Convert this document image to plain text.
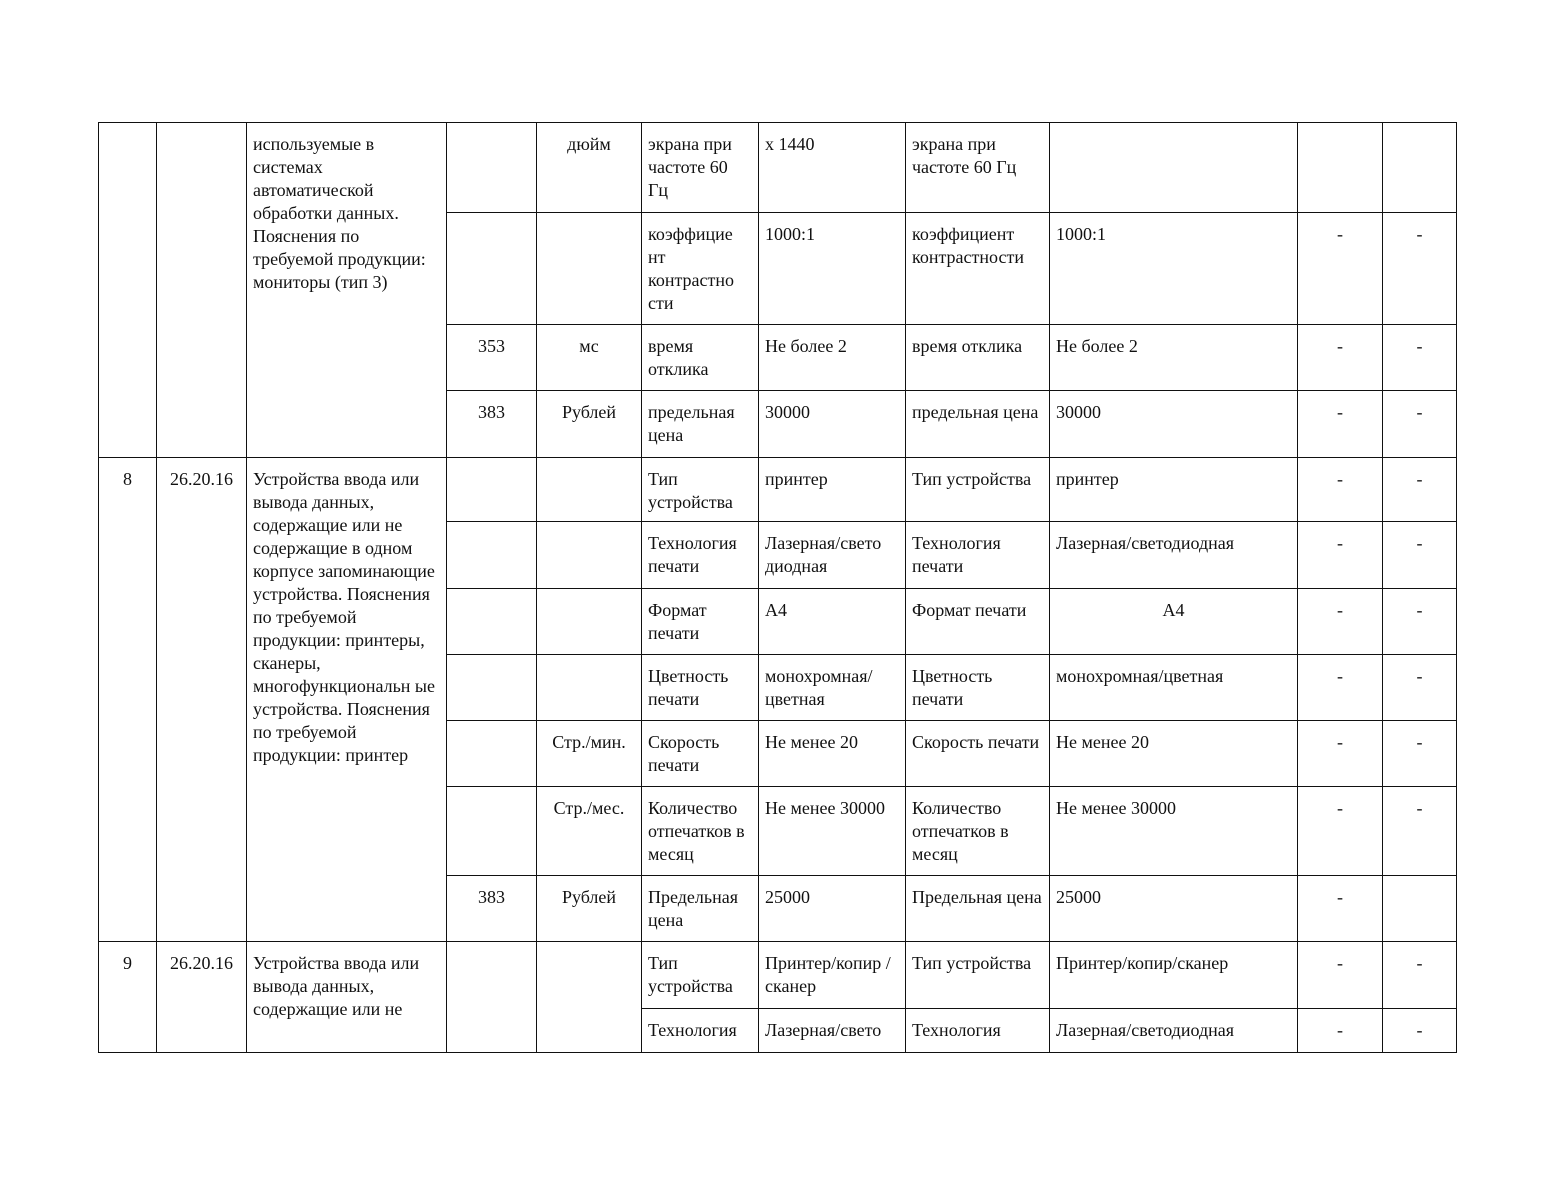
		используемые в системах автоматической обработки данных. Пояснения по требуемой продукции: мониторы (тип 3)		дюйм	экрана при частоте 60 Гц	x 1440	экрана при частоте 60 Гц			
					коэффицие нт контрастно сти	1000:1	коэффициент контрастности	1000:1	-	-
			353	мс	время отклика	Не более 2	время отклика	Не более 2	-	-
			383	Рублей	предельная цена	30000	предельная цена	30000	-	-
8	26.20.16	Устройства ввода или вывода данных, содержащие или не содержащие в одном корпусе запоминающие устройства. Пояснения по требуемой продукции: принтеры, сканеры, многофункциональн ые устройства. Пояснения по требуемой продукции: принтер			Тип устройства	принтер	Тип устройства	принтер	-	-
					Технология печати	Лазерная/свето диодная	Технология печати	Лазерная/светодиодная	-	-
					Формат печати	А4	Формат печати	А4	-	-
					Цветность печати	монохромная/ цветная	Цветность печати	монохромная/цветная	-	-
				Стр./мин.	Скорость печати	Не менее 20	Скорость печати	Не менее 20	-	-
				Стр./мес.	Количество отпечатков в месяц	Не менее 30000	Количество отпечатков в месяц	Не менее 30000	-	-
			383	Рублей	Предельная цена	25000	Предельная цена	25000	-	
9	26.20.16	Устройства ввода или вывода данных, содержащие или не			Тип устройства	Принтер/копир /сканер	Тип устройства	Принтер/копир/сканер	-	-
					Технология	Лазерная/свето	Технология	Лазерная/светодиодная	-	-
